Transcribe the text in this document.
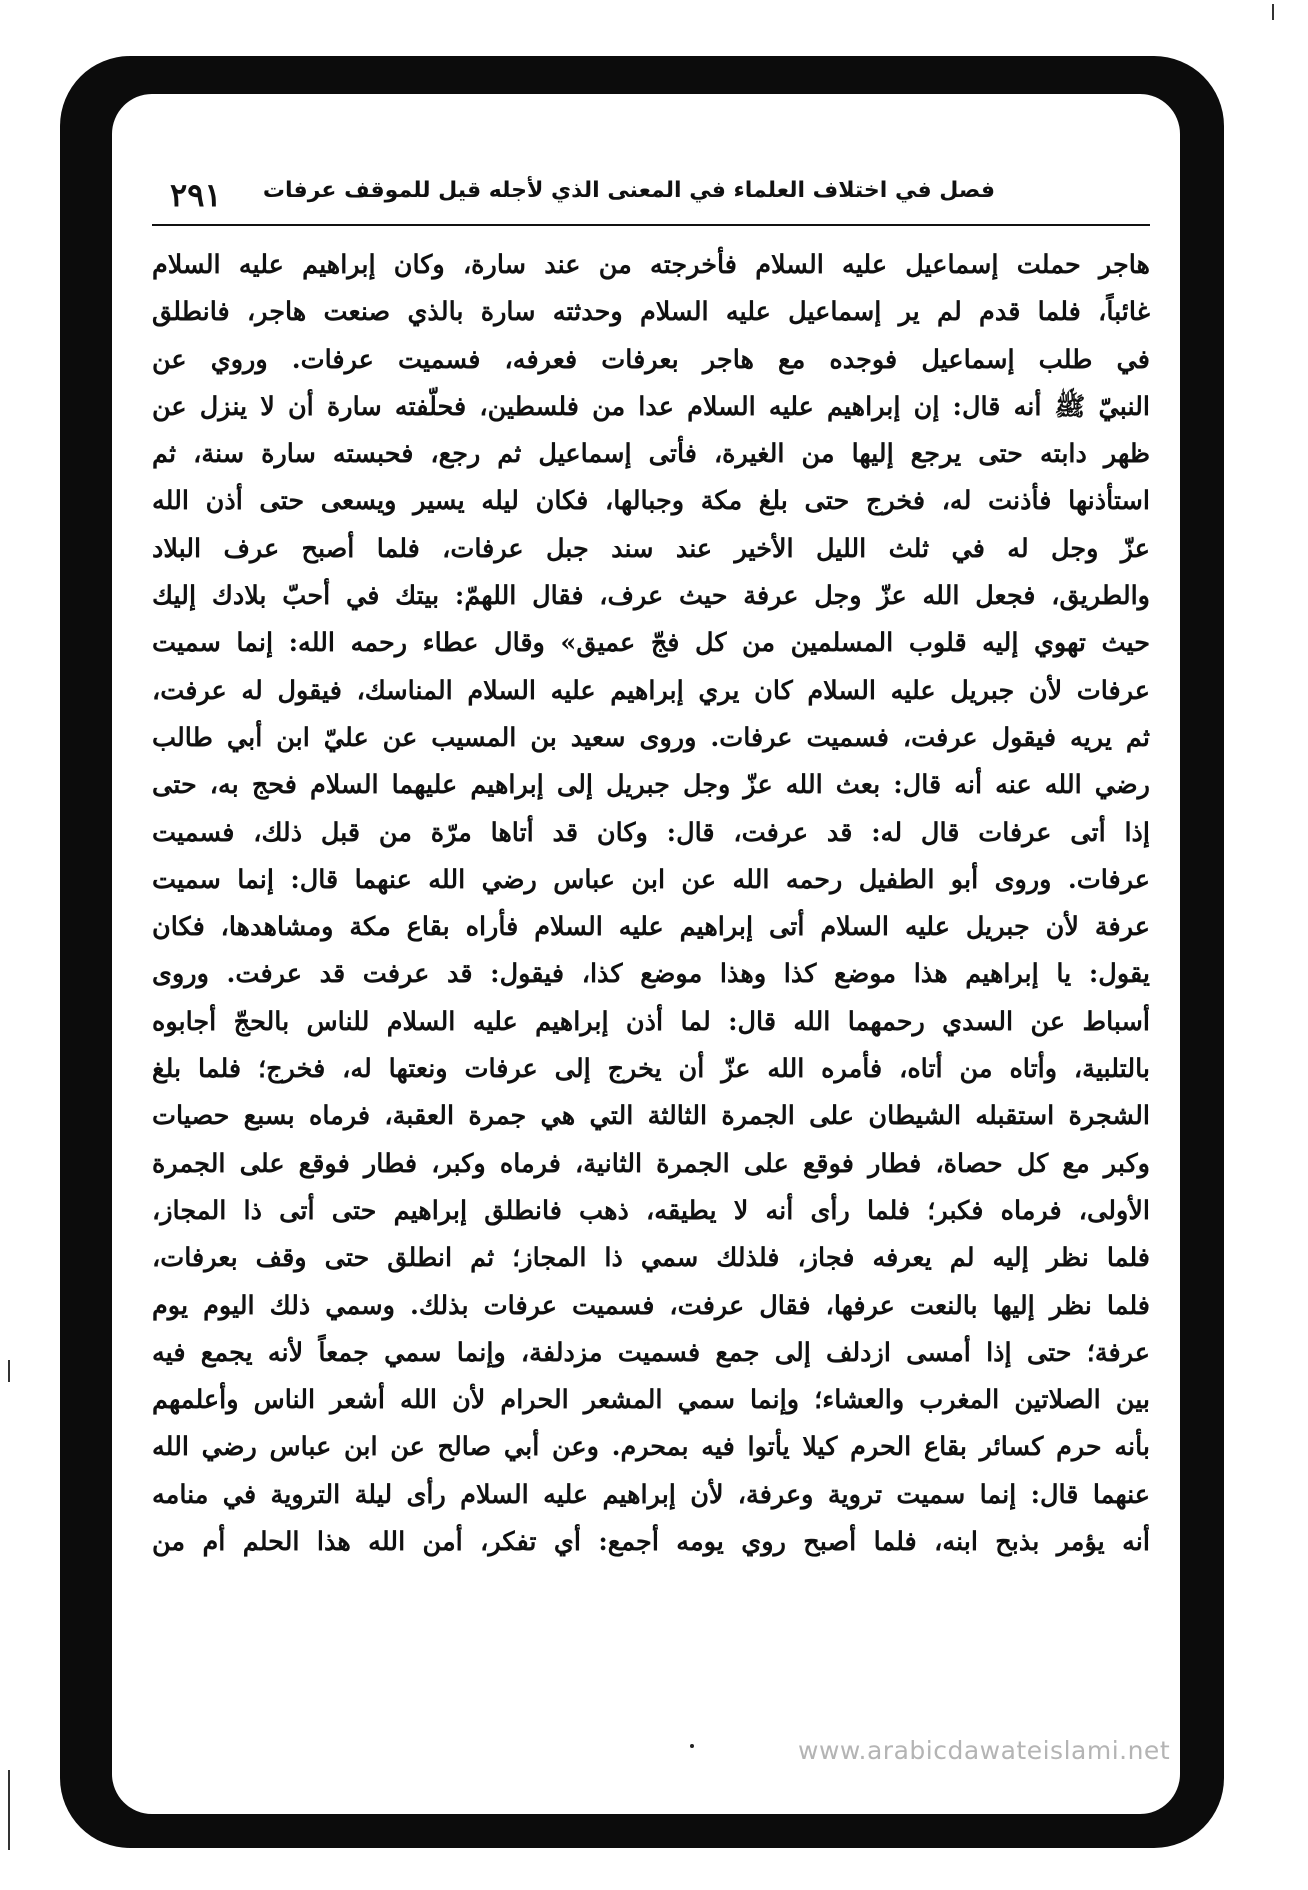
٢٩١ فصل في اختلاف العلماء في المعنى الذي لأجله قيل للموقف عرفات
هاجر حملت إسماعيل عليه السلام فأخرجته من عند سارة، وكان إبراهيم عليه السلام
غائباً، فلما قدم لم ير إسماعيل عليه السلام وحدثته سارة بالذي صنعت هاجر، فانطلق
في طلب إسماعيل فوجده مع هاجر بعرفات فعرفه، فسميت عرفات. وروي عن
النبيّ ﷺ أنه قال: إن إبراهيم عليه السلام عدا من فلسطين، فحلّفته سارة أن لا ينزل عن
ظهر دابته حتى يرجع إليها من الغيرة، فأتى إسماعيل ثم رجع، فحبسته سارة سنة، ثم
استأذنها فأذنت له، فخرج حتى بلغ مكة وجبالها، فكان ليله يسير ويسعى حتى أذن الله
عزّ وجل له في ثلث الليل الأخير عند سند جبل عرفات، فلما أصبح عرف البلاد
والطريق، فجعل الله عزّ وجل عرفة حيث عرف، فقال اللهمّ: بيتك في أحبّ بلادك إليك
حيث تهوي إليه قلوب المسلمين من كل فجّ عميق» وقال عطاء رحمه الله: إنما سميت
عرفات لأن جبريل عليه السلام كان يري إبراهيم عليه السلام المناسك، فيقول له عرفت،
ثم يريه فيقول عرفت، فسميت عرفات. وروى سعيد بن المسيب عن عليّ ابن أبي طالب
رضي الله عنه أنه قال: بعث الله عزّ وجل جبريل إلى إبراهيم عليهما السلام فحج به، حتى
إذا أتى عرفات قال له: قد عرفت، قال: وكان قد أتاها مرّة من قبل ذلك، فسميت
عرفات. وروى أبو الطفيل رحمه الله عن ابن عباس رضي الله عنهما قال: إنما سميت
عرفة لأن جبريل عليه السلام أتى إبراهيم عليه السلام فأراه بقاع مكة ومشاهدها، فكان
يقول: يا إبراهيم هذا موضع كذا وهذا موضع كذا، فيقول: قد عرفت قد عرفت. وروى
أسباط عن السدي رحمهما الله قال: لما أذن إبراهيم عليه السلام للناس بالحجّ أجابوه
بالتلبية، وأتاه من أتاه، فأمره الله عزّ أن يخرج إلى عرفات ونعتها له، فخرج؛ فلما بلغ
الشجرة استقبله الشيطان على الجمرة الثالثة التي هي جمرة العقبة، فرماه بسبع حصيات
وكبر مع كل حصاة، فطار فوقع على الجمرة الثانية، فرماه وكبر، فطار فوقع على الجمرة
الأولى، فرماه فكبر؛ فلما رأى أنه لا يطيقه، ذهب فانطلق إبراهيم حتى أتى ذا المجاز،
فلما نظر إليه لم يعرفه فجاز، فلذلك سمي ذا المجاز؛ ثم انطلق حتى وقف بعرفات،
فلما نظر إليها بالنعت عرفها، فقال عرفت، فسميت عرفات بذلك. وسمي ذلك اليوم يوم
عرفة؛ حتى إذا أمسى ازدلف إلى جمع فسميت مزدلفة، وإنما سمي جمعاً لأنه يجمع فيه
بين الصلاتين المغرب والعشاء؛ وإنما سمي المشعر الحرام لأن الله أشعر الناس وأعلمهم
بأنه حرم كسائر بقاع الحرم كيلا يأتوا فيه بمحرم. وعن أبي صالح عن ابن عباس رضي الله
عنهما قال: إنما سميت تروية وعرفة، لأن إبراهيم عليه السلام رأى ليلة التروية في منامه
أنه يؤمر بذبح ابنه، فلما أصبح روي يومه أجمع: أي تفكر، أمن الله هذا الحلم أم من
www.arabicdawateislami.net
